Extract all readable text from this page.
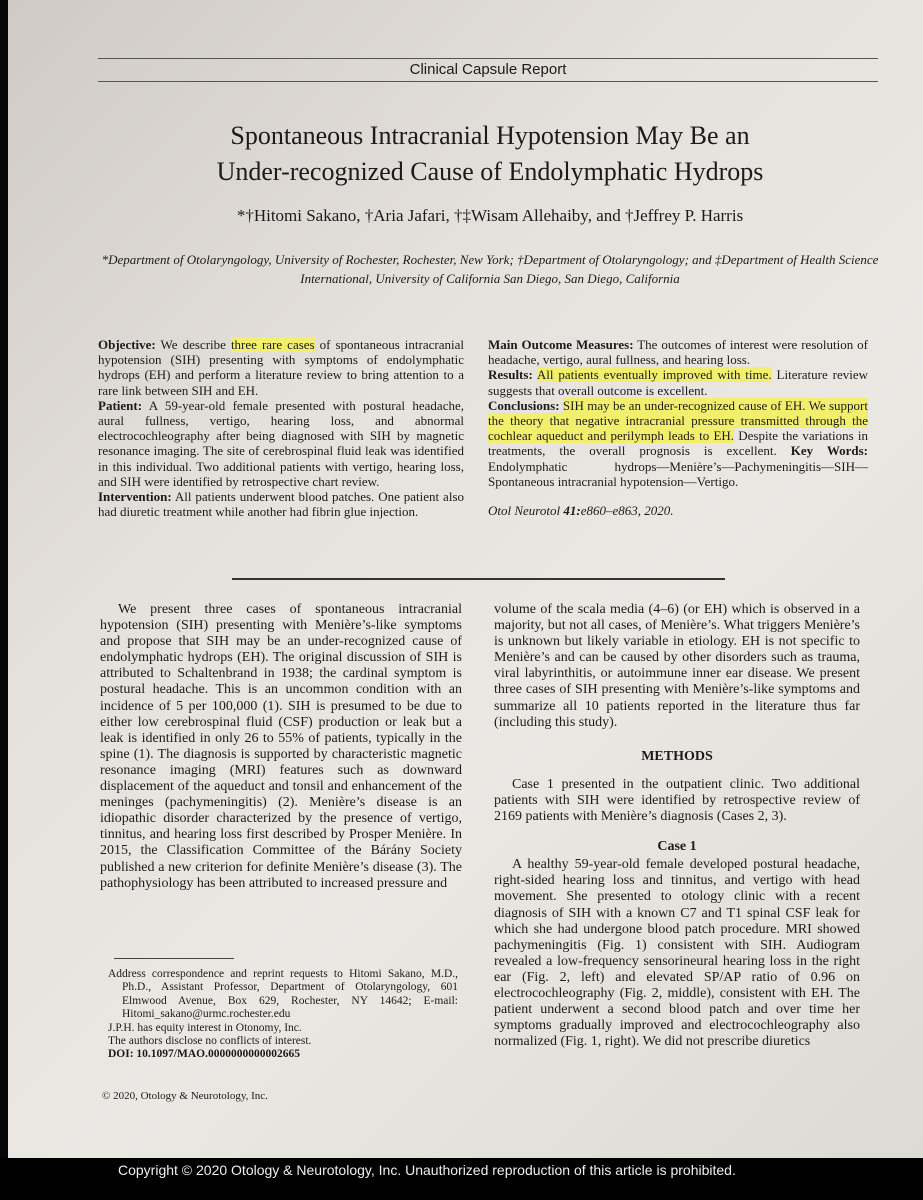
Clinical Capsule Report
Spontaneous Intracranial Hypotension May Be an
Under-recognized Cause of Endolymphatic Hydrops
*†Hitomi Sakano, †Aria Jafari, †‡Wisam Allehaiby, and †Jeffrey P. Harris
*Department of Otolaryngology, University of Rochester, Rochester, New York; †Department of Otolaryngology; and ‡Department of Health Science International, University of California San Diego, San Diego, California

Objective: We describe three rare cases of spontaneous intracranial hypotension (SIH) presenting with symptoms of endolymphatic hydrops (EH) and perform a literature review to bring attention to a rare link between SIH and EH.

Patient: A 59-year-old female presented with postural headache, aural fullness, vertigo, hearing loss, and abnormal electrocochleography after being diagnosed with SIH by magnetic resonance imaging. The site of cerebrospinal fluid leak was identified in this individual. Two additional patients with vertigo, hearing loss, and SIH were identified by retrospective chart review.

Intervention: All patients underwent blood patches. One patient also had diuretic treatment while another had fibrin glue injection.

Main Outcome Measures: The outcomes of interest were resolution of headache, vertigo, aural fullness, and hearing loss.

Results: All patients eventually improved with time. Literature review suggests that overall outcome is excellent.

Conclusions: SIH may be an under-recognized cause of EH. We support the theory that negative intracranial pressure transmitted through the cochlear aqueduct and perilymph leads to EH. Despite the variations in treatments, the overall prognosis is excellent. Key Words: Endolymphatic hydrops—Menière’s—Pachymeningitis—SIH—Spontaneous intracranial hypotension—Vertigo.

Otol Neurotol 41:e860–e863, 2020.

We present three cases of spontaneous intracranial hypotension (SIH) presenting with Menière’s-like symptoms and propose that SIH may be an under-recognized cause of endolymphatic hydrops (EH). The original discussion of SIH is attributed to Schaltenbrand in 1938; the cardinal symptom is postural headache. This is an uncommon condition with an incidence of 5 per 100,000 (1). SIH is presumed to be due to either low cerebrospinal fluid (CSF) production or leak but a leak is identified in only 26 to 55% of patients, typically in the spine (1). The diagnosis is supported by characteristic magnetic resonance imaging (MRI) features such as downward displacement of the aqueduct and tonsil and enhancement of the meninges (pachymeningitis) (2). Menière’s disease is an idiopathic disorder characterized by the presence of vertigo, tinnitus, and hearing loss first described by Prosper Menière. In 2015, the Classification Committee of the Bárány Society published a new criterion for definite Menière’s disease (3). The pathophysiology has been attributed to increased pressure and

volume of the scala media (4–6) (or EH) which is observed in a majority, but not all cases, of Menière’s. What triggers Menière’s is unknown but likely variable in etiology. EH is not specific to Menière’s and can be caused by other disorders such as trauma, viral labyrinthitis, or autoimmune inner ear disease. We present three cases of SIH presenting with Menière’s-like symptoms and summarize all 10 patients reported in the literature thus far (including this study).

METHODS

Case 1 presented in the outpatient clinic. Two additional patients with SIH were identified by retrospective review of 2169 patients with Menière’s diagnosis (Cases 2, 3).

Case 1

A healthy 59-year-old female developed postural headache, right-sided hearing loss and tinnitus, and vertigo with head movement. She presented to otology clinic with a recent diagnosis of SIH with a known C7 and T1 spinal CSF leak for which she had undergone blood patch procedure. MRI showed pachymeningitis (Fig. 1) consistent with SIH. Audiogram revealed a low-frequency sensorineural hearing loss in the right ear (Fig. 2, left) and elevated SP/AP ratio of 0.96 on electrocochleography (Fig. 2, middle), consistent with EH. The patient underwent a second blood patch and over time her symptoms gradually improved and electrocochleography also normalized (Fig. 1, right). We did not prescribe diuretics

Address correspondence and reprint requests to Hitomi Sakano, M.D., Ph.D., Assistant Professor, Department of Otolaryngology, 601 Elmwood Avenue, Box 629, Rochester, NY 14642; E-mail: Hitomi_sakano@urmc.rochester.edu

J.P.H. has equity interest in Otonomy, Inc.

The authors disclose no conflicts of interest.

DOI: 10.1097/MAO.0000000000002665

© 2020, Otology & Neurotology, Inc.
Copyright © 2020 Otology & Neurotology, Inc. Unauthorized reproduction of this article is prohibited.
